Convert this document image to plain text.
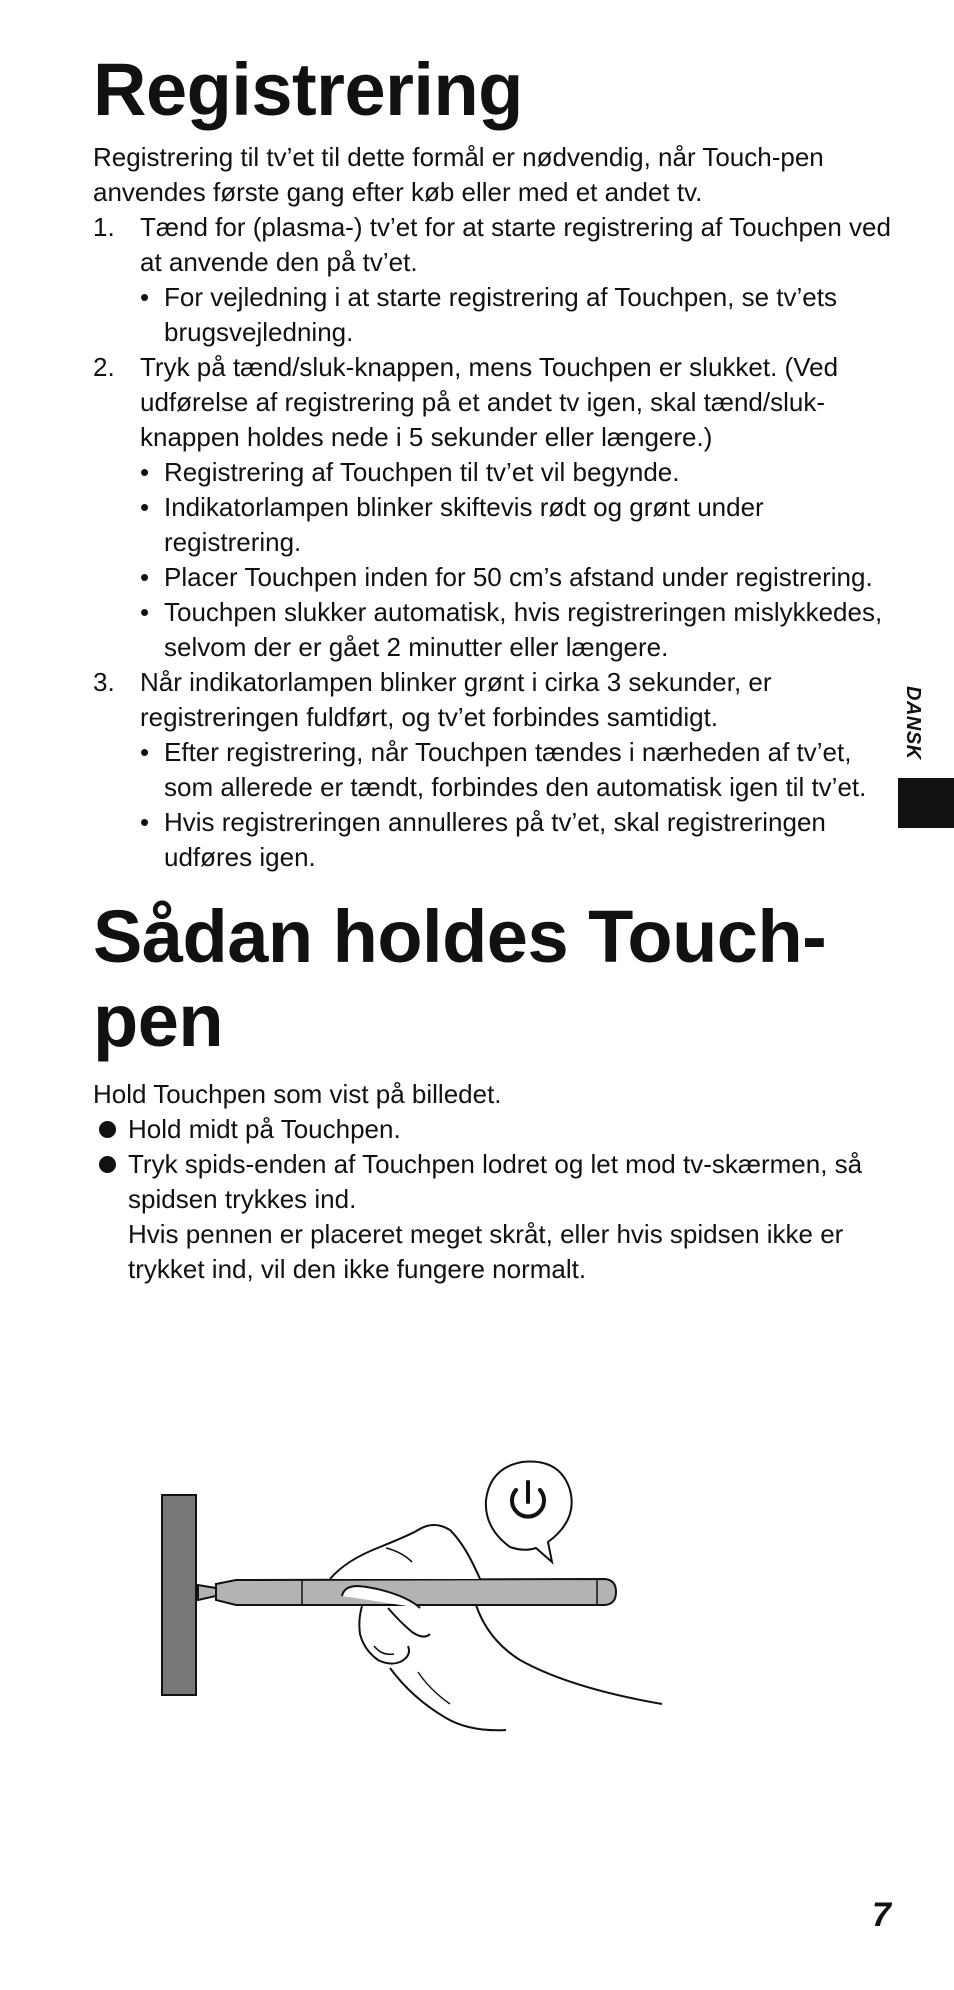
Registrering

Registrering til tv’et til dette formål er nødvendig, når Touch-pen anvendes første gang efter køb eller med et andet tv.

1. Tænd for (plasma-) tv’et for at starte registrering af Touchpen ved at anvende den på tv’et.
• For vejledning i at starte registrering af Touchpen, se tv’ets brugsvejledning.
2. Tryk på tænd/sluk-knappen, mens Touchpen er slukket. (Ved udførelse af registrering på et andet tv igen, skal tænd/sluk-knappen holdes nede i 5 sekunder eller længere.)
• Registrering af Touchpen til tv’et vil begynde.
• Indikatorlampen blinker skiftevis rødt og grønt under registrering.
• Placer Touchpen inden for 50 cm’s afstand under registrering.
• Touchpen slukker automatisk, hvis registreringen mislykkedes, selvom der er gået 2 minutter eller længere.
3. Når indikatorlampen blinker grønt i cirka 3 sekunder, er registreringen fuldført, og tv’et forbindes samtidigt.
• Efter registrering, når Touchpen tændes i nærheden af tv’et, som allerede er tændt, forbindes den automatisk igen til tv’et.
• Hvis registreringen annulleres på tv’et, skal registreringen udføres igen.
Sådan holdes Touch-pen

Hold Touchpen som vist på billedet.

Hold midt på Touchpen.
Tryk spids-enden af Touchpen lodret og let mod tv-skærmen, så spidsen trykkes ind.
Hvis pennen er placeret meget skråt, eller hvis spidsen ikke er trykket ind, vil den ikke fungere normalt.
DANSK
7
